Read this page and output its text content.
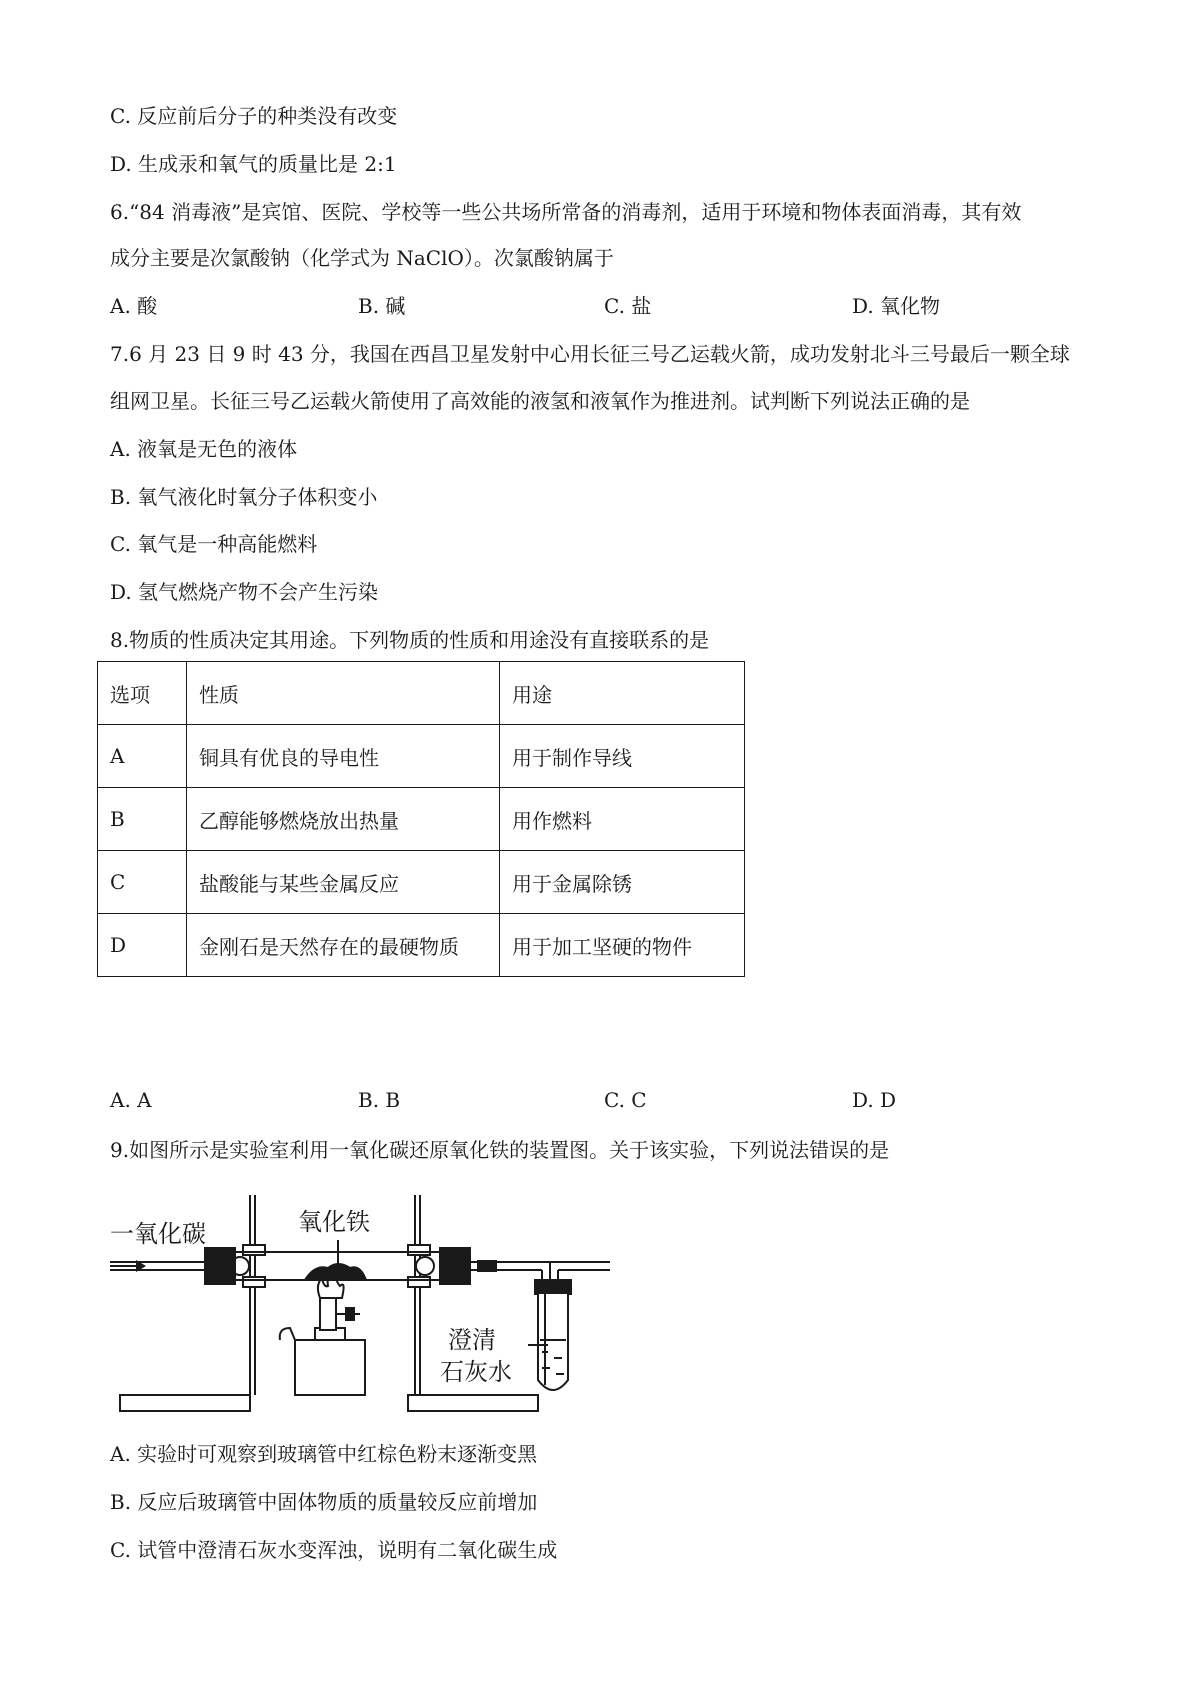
C. 反应前后分子的种类没有改变
D. 生成汞和氧气的质量比是 2:1
6.“84 消毒液”是宾馆、医院、学校等一些公共场所常备的消毒剂，适用于环境和物体表面消毒，其有效
成分主要是次氯酸钠（化学式为 NaClO）。次氯酸钠属于
A. 酸	B. 碱	C. 盐	D. 氧化物
7.6 月 23 日 9 时 43 分，我国在西昌卫星发射中心用长征三号乙运载火箭，成功发射北斗三号最后一颗全球
组网卫星。长征三号乙运载火箭使用了高效能的液氢和液氧作为推进剂。试判断下列说法正确的是
A. 液氧是无色的液体
B. 氧气液化时氧分子体积变小
C. 氧气是一种高能燃料
D. 氢气燃烧产物不会产生污染
8.物质的性质决定其用途。下列物质的性质和用途没有直接联系的是
选项	性质	用途
A	铜具有优良的导电性	用于制作导线
B	乙醇能够燃烧放出热量	用作燃料
C	盐酸能与某些金属反应	用于金属除锈
D	金刚石是天然存在的最硬物质	用于加工坚硬的物件
A. A	B. B	C. C	D. D
9.如图所示是实验室利用一氧化碳还原氧化铁的装置图。关于该实验，下列说法错误的是
一氧化碳	氧化铁
澄清
石灰水
A. 实验时可观察到玻璃管中红棕色粉末逐渐变黑
B. 反应后玻璃管中固体物质的质量较反应前增加
C. 试管中澄清石灰水变浑浊，说明有二氧化碳生成
